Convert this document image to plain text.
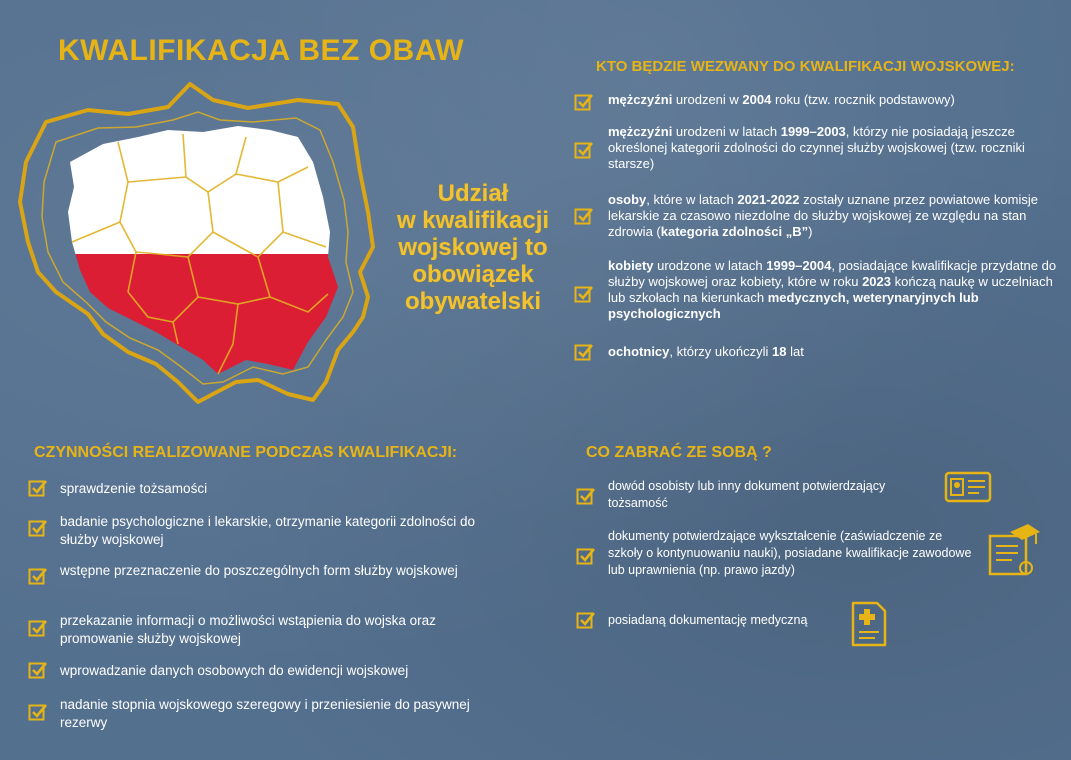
KWALIFIKACJA BEZ OBAW
Udział
w kwalifikacji
wojskowej to
obowiązek
obywatelski
KTO BĘDZIE WEZWANY DO KWALIFIKACJI WOJSKOWEJ:
mężczyźni urodzeni w 2004 roku (tzw. rocznik podstawowy)
mężczyźni urodzeni w latach 1999–2003, którzy nie posiadają jeszcze określonej kategorii zdolności do czynnej służby wojskowej (tzw. roczniki starsze)
osoby, które w latach 2021-2022 zostały uznane przez powiatowe komisje lekarskie za czasowo niezdolne do służby wojskowej ze względu na stan zdrowia (kategoria zdolności „B”)
kobiety urodzone w latach 1999–2004, posiadające kwalifikacje przydatne do służby wojskowej oraz kobiety, które w roku 2023 kończą naukę w uczelniach lub szkołach na kierunkach medycznych, weterynaryjnych lub psychologicznych
ochotnicy, którzy ukończyli 18 lat
CZYNNOŚCI REALIZOWANE PODCZAS KWALIFIKACJI:
sprawdzenie tożsamości
badanie psychologiczne i lekarskie, otrzymanie kategorii zdolności do służby wojskowej
wstępne przeznaczenie do poszczególnych form służby wojskowej
przekazanie informacji o możliwości wstąpienia do wojska oraz promowanie służby wojskowej
wprowadzanie danych osobowych do ewidencji wojskowej
nadanie stopnia wojskowego szeregowy i przeniesienie do pasywnej rezerwy
CO ZABRAĆ ZE SOBĄ ?
dowód osobisty lub inny dokument potwierdzający tożsamość
dokumenty potwierdzające wykształcenie (zaświadczenie ze szkoły o kontynuowaniu nauki), posiadane kwalifikacje zawodowe lub uprawnienia (np. prawo jazdy)
posiadaną dokumentację medyczną
